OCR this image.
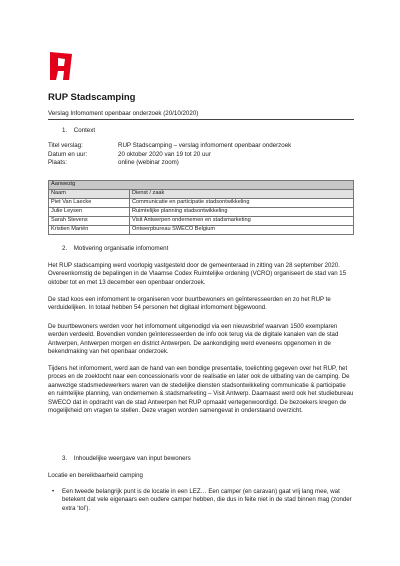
RUP Stadscamping
Verslag Infomoment openbaar onderzoek (20/10/2020)
1. Context
Titel verslag:	RUP Stadscamping – verslag infomoment openbaar onderzoek
Datum en uur:	20 oktober 2020 van 19 tot 20 uur
Plaats:	online (webinar zoom)
Aanwezig	
Naam	Dienst / zaak
Piet Van Laecke	Communicatie en participatie stadsontwikkeling
Julie Leysen	Ruimtelijke planning stadsontwikkeling
Sarah Stevens	Visit Antwerpen ondernemen en stadsmarketing
Kristien Mariën	Ontwerpbureau SWECO Belgium
2. Motivering organisatie infomoment

Het RUP stadscamping werd voorlopig vastgesteld door de gemeenteraad in zitting van 28 september 2020. Overeenkomstig de bepalingen in de Vlaamse Codex Ruimtelijke ordening (VCRO) organiseert de stad van 15 oktober tot en met 13 december een openbaar onderzoek.

De stad koos een infomoment te organiseren voor buurtbewoners en geïnteresseerden en zo het RUP te verduidelijken. In totaal hebben 54 personen het digitaal infomoment bijgewoond.

De buurtbewoners werden voor het infomoment uitgenodigd via een nieuwsbrief waarvan 1500 exemplaren werden verdeeld. Bovendien vonden geïnteresseerden de info ook terug via de digitale kanalen van de stad Antwerpen, Antwerpen morgen en district Antwerpen. De aankondiging werd eveneens opgenomen in de bekendmaking van het openbaar onderzoek.

Tijdens het infomoment, werd aan de hand van een bondige presentatie, toelichting gegeven over het RUP, het proces en de zoektocht naar een concessionaris voor de realisatie en later ook de uitbating van de camping. De aanwezige stadsmedewerkers waren van de stedelijke diensten stadsontwikkeling communicatie & participatie en ruimtelijke planning, van ondernemen & stadsmarketing – Visit Antwerp. Daarnaast werd ook het studiebureau SWECO dat in opdracht van de stad Antwerpen het RUP opmaakt vertegenwoordigd. De bezoekers kregen de mogelijkheid om vragen te stellen. Deze vragen worden samengevat in onderstaand overzicht.

3. Inhoudelijke weergave van input bewoners
Locatie en bereikbaarheid camping
• Een tweede belangrijk punt is de locatie in een LEZ… Een camper (en caravan) gaat vrij lang mee, wat betekent dat vele eigenaars een oudere camper hebben, die dus in feite niet in de stad binnen mag (zonder extra ‘tol’).
